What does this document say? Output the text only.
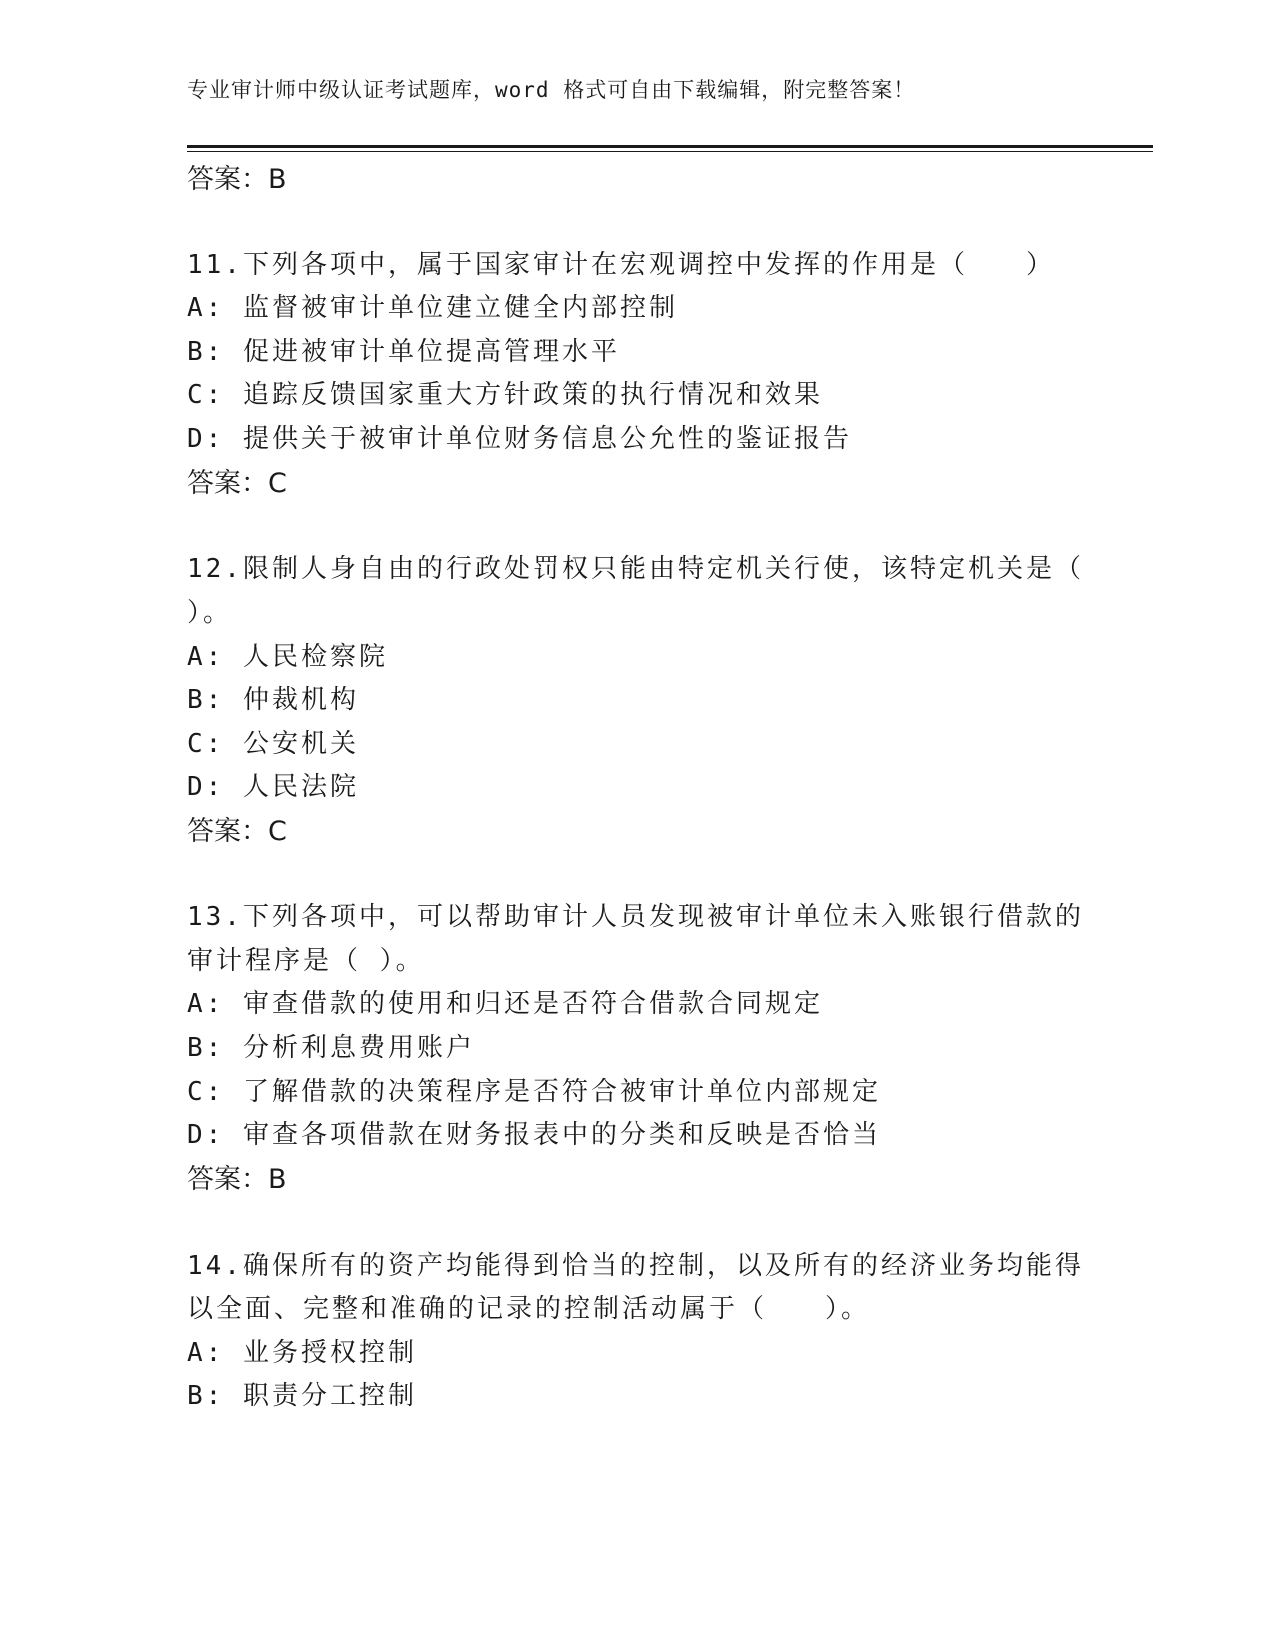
专业审计师中级认证考试题库，word 格式可自由下载编辑，附完整答案！
答案：B
11.下列各项中，属于国家审计在宏观调控中发挥的作用是（　　）
A: 监督被审计单位建立健全内部控制
B: 促进被审计单位提高管理水平
C: 追踪反馈国家重大方针政策的执行情况和效果
D: 提供关于被审计单位财务信息公允性的鉴证报告
答案：C
12.限制人身自由的行政处罚权只能由特定机关行使，该特定机关是（
）。
A: 人民检察院
B: 仲裁机构
C: 公安机关
D: 人民法院
答案：C
13.下列各项中，可以帮助审计人员发现被审计单位未入账银行借款的
审计程序是（ ）。
A: 审查借款的使用和归还是否符合借款合同规定
B: 分析利息费用账户
C: 了解借款的决策程序是否符合被审计单位内部规定
D: 审查各项借款在财务报表中的分类和反映是否恰当
答案：B
14.确保所有的资产均能得到恰当的控制，以及所有的经济业务均能得
以全面、完整和准确的记录的控制活动属于（　　）。
A: 业务授权控制
B: 职责分工控制
